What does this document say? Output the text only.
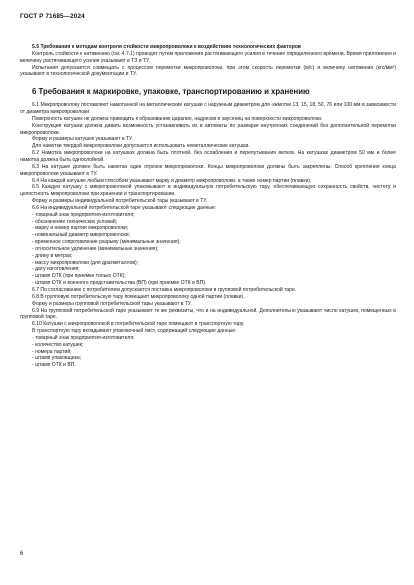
ГОСТ Р 71685—2024

5.5 Требования к методам контроля стойкости микропроволоки к воздействию технологических факторов

Контроль стойкости к натяжению (см. 4.7.1) проводят путем приложения растягивающего усилия в течение определенного времени. Время приложения и величину растягивающего усилия указывают в ТЗ и ТУ.

Испытания допускается совмещать с процессом перемотки микропроволоки, при этом скорость перемотки (м/с) и величину натяжения (кгс/мм²) указывают в технологической документации и ТУ.

6 Требования к маркировке, упаковке, транспортированию и хранению

6.1 Микропроволоку поставляют намотанной на металлические катушки с наружным диаметром для «жмотки 13, 15, 18, 50, 76 или 100 мм в зависимости от диаметра микропроволоки

Поверхность катушек не должна приводить к образованию царапин, надрезов и заусениц на поверхности микропроволоки.

Конструкция катушки должна давать возможность устанавливать их в автоматы по разварке внутренних соединений без дополнительной перемотки микропроволоки.

Форму и размеры катушек указывают в ТУ.

Для намотки твердой микропроволоки допускается использовать неметаллические катушки.

6.2 Намотка микропроволоки на катушках должна быть плотной, без ослабления и перепутывания витков. На катушках диаметром 50 мм и более намотка должна быть однослойной.

6.3 На катушке должен быть намотан один отрезок микропроволоки. Концы микропроволоки должны быть закреплены. Способ крепления конца микропроволоки указывают в ТУ.

6.4 На каждой катушке любым способом указывают марку и диаметр микропроволоки, а также номер партии (плавки).

6.5 Каждую катушку с микропроволокой упаковывают в индивидуальную потребительскую тару, обеспечивающую сохранность свойств, чистоту и целостность микропроволоки при хранении и транспортировании.

Форму и размеры индивидуальной потребительской тары указывают в ТУ.

6.6 На индивидуальной потребительской таре указывают следующие данные:

- товарный знак предприятия-изготовителя;

- обозначение технических условий;

- марку и номер партии микропроволоки;

- номинальный диаметр микропроволоки;

- временное сопротивление разрыву (минимальные значения);

- относительное удлинение (минимальные значения);

- длину в метрах;

- массу микропроволоки (для драгметаллов);

- дату изготовления;

- штамп ОТК (при приемке только ОТК);

- штамп ОТК и военного представительства (ВП) (при приемке ОТК и ВП).

6.7 По согласованию с потребителем допускается поставка микропроволоки в групповой потребительской таре.

6.8 В групповую потребительскую тару помещают микропроволоку одной партии (плавки).

Форму и размеры групповой потребительской тары указывают в ТУ.

6.9 На групповой потребительской таре указывают те же реквизиты, что и на индивидуальной. Дополнительно указывают число катушек, помещенных в групповой таре.

6.10 Катушки с микропроволокой в потребительской таре помещают в транспортную тару.

В транспортную тару вкладывают упаковочный лист, содержащий следующие данные:

- товарный знак предприятия-изготовителя;

- количество катушек;

- номера партий;

- штамп упаковщика;

- штамп ОТК и ВП.

6
